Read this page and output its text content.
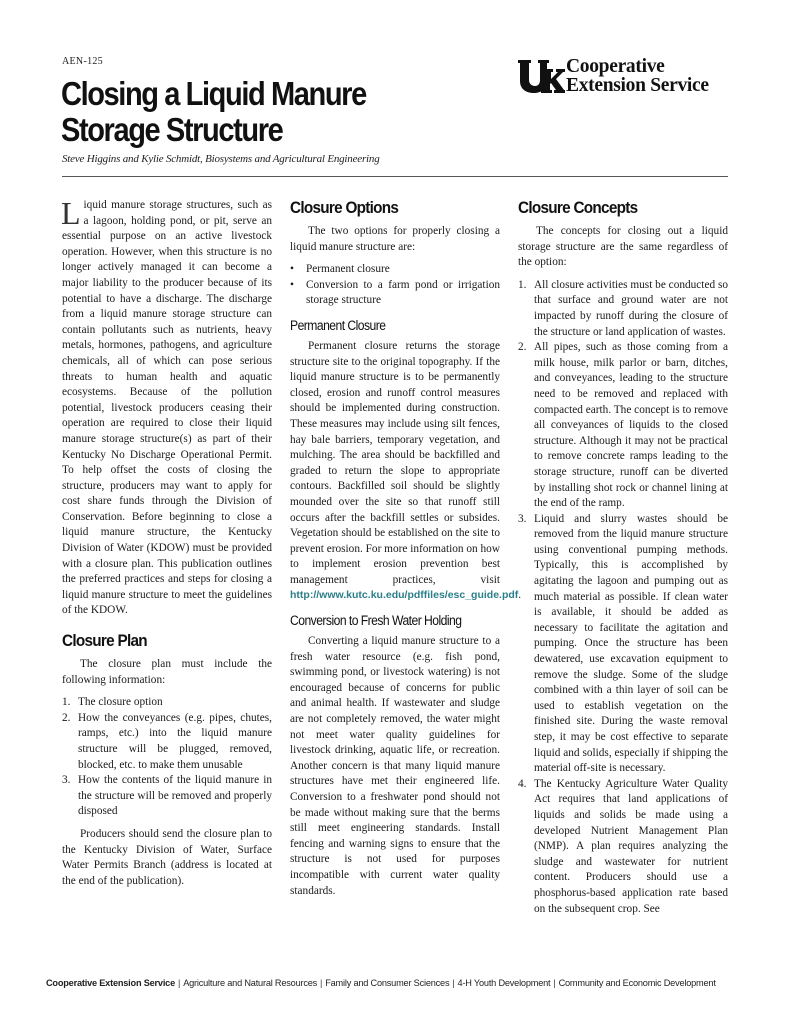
AEN-125
Closing a Liquid Manure
Storage Structure
Cooperative
Extension Service
Steve Higgins and Kylie Schmidt, Biosystems and Agricultural Engineering

Liquid manure storage structures, such as a lagoon, holding pond, or pit, serve an essential purpose on an active livestock operation. However, when this structure is no longer actively managed it can become a major liability to the producer because of its potential to have a discharge. The discharge from a liquid manure storage structure can contain pollutants such as nutrients, heavy metals, hormones, pathogens, and agriculture chemicals, all of which can pose serious threats to human health and aquatic ecosystems. Because of the pollution potential, livestock producers ceasing their operation are required to close their liquid manure storage structure(s) as part of their Kentucky No Discharge Operational Permit. To help offset the costs of closing the structure, producers may want to apply for cost share funds through the Division of Conservation. Before beginning to close a liquid manure structure, the Kentucky Division of Water (KDOW) must be provided with a closure plan. This publication outlines the preferred practices and steps for closing a liquid manure structure to meet the guidelines of the KDOW.

Closure Plan

The closure plan must include the following information:

1. The closure option
2. How the conveyances (e.g. pipes, chutes, ramps, etc.) into the liquid manure structure will be plugged, removed, blocked, etc. to make them unusable
3. How the contents of the liquid manure in the structure will be removed and properly disposed

Producers should send the closure plan to the Kentucky Division of Water, Surface Water Permits Branch (address is located at the end of the publication).

Closure Options

The two options for properly closing a liquid manure structure are:

• Permanent closure
• Conversion to a farm pond or irrigation storage structure
Permanent Closure

Permanent closure returns the storage structure site to the original topography. If the liquid manure structure is to be permanently closed, erosion and runoff control measures should be implemented during construction. These measures may include using silt fences, hay bale barriers, temporary vegetation, and mulching. The area should be backfilled and graded to return the slope to appropriate contours. Backfilled soil should be slightly mounded over the site so that runoff still occurs after the backfill settles or subsides. Vegetation should be established on the site to prevent erosion. For more information on how to implement erosion prevention best management practices, visit http://www.kutc.ku.edu/pdffiles/esc_guide.pdf.

Conversion to Fresh Water Holding

Converting a liquid manure structure to a fresh water resource (e.g. fish pond, swimming pond, or livestock watering) is not encouraged because of concerns for public and animal health. If wastewater and sludge are not completely removed, the water might not meet water quality guidelines for livestock drinking, aquatic life, or recreation. Another concern is that many liquid manure structures have met their engineered life. Conversion to a freshwater pond should not be made without making sure that the berms still meet engineering standards. Install fencing and warning signs to ensure that the structure is not used for purposes incompatible with current water quality standards.

Closure Concepts

The concepts for closing out a liquid storage structure are the same regardless of the option:

1. All closure activities must be conducted so that surface and ground water are not impacted by runoff during the closure of the structure or land application of wastes.
2. All pipes, such as those coming from a milk house, milk parlor or barn, ditches, and conveyances, leading to the structure need to be removed and replaced with compacted earth. The concept is to remove all conveyances of liquids to the closed structure. Although it may not be practical to remove concrete ramps leading to the storage structure, runoff can be diverted by installing shot rock or channel lining at the end of the ramp.
3. Liquid and slurry wastes should be removed from the liquid manure structure using conventional pumping methods. Typically, this is accomplished by agitating the lagoon and pumping out as much material as possible. If clean water is available, it should be added as necessary to facilitate the agitation and pumping. Once the structure has been dewatered, use excavation equipment to remove the sludge. Some of the sludge combined with a thin layer of soil can be used to establish vegetation on the finished site. During the waste removal step, it may be cost effective to separate liquid and solids, especially if shipping the material off-site is necessary.
4. The Kentucky Agriculture Water Quality Act requires that land applications of liquids and solids be made using a developed Nutrient Management Plan (NMP). A plan requires analyzing the sludge and wastewater for nutrient content. Producers should use a phosphorus-based application rate based on the subsequent crop. See
Cooperative Extension Service | Agriculture and Natural Resources | Family and Consumer Sciences | 4-H Youth Development | Community and Economic Development
